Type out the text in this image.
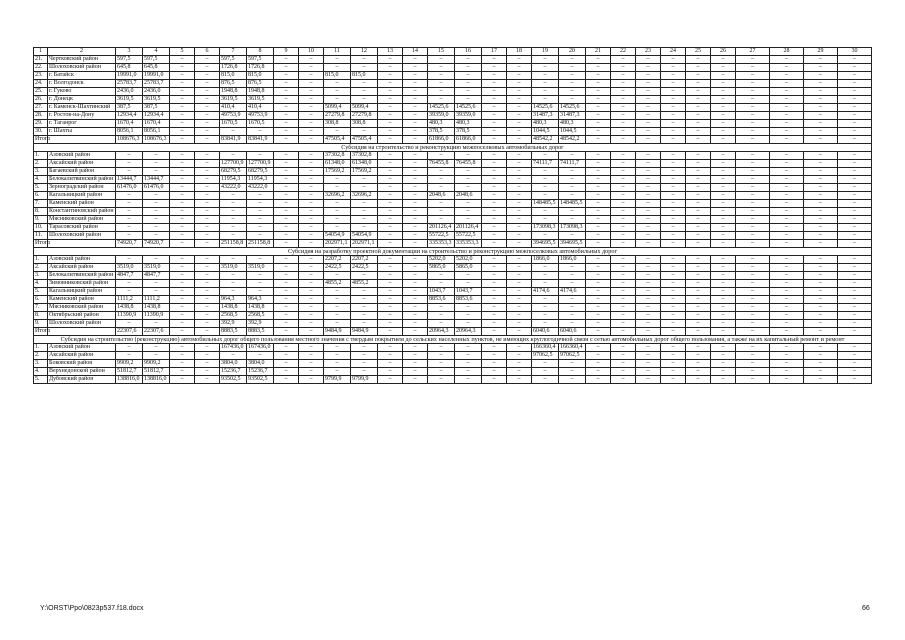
1	2	3	4	5	6	7	8	9	10	11	12	13	14	15	16	17	18	19	20	21	22	23	24	25	26	27	28	29	30
21.	Чертковский район	597,5	597,5	–	–	597,5	597,5	–	–	–	–	–	–	–	–	–	–	–	–	–	–	–	–	–	–	–	–	–	–
22.	Шолоховский район	645,8	645,8	–	–	1726,8	1726,8	–	–	–	–	–	–	–	–	–	–	–	–	–	–	–	–	–	–	–	–	–	–
23.	г. Батайск	19991,0	19991,0	–	–	815,0	815,0	–	–	815,0	815,0	–	–	–	–	–	–	–	–	–	–	–	–	–	–	–	–	–	–
24.	г. Волгодонск	25783,7	25783,7	–	–	876,5	876,5	–	–	–	–	–	–	–	–	–	–	–	–	–	–	–	–	–	–	–	–	–	–
25.	г. Гуково	2436,0	2436,0	–	–	1948,8	1948,8	–	–	–	–	–	–	–	–	–	–	–	–	–	–	–	–	–	–	–	–	–	–
26.	г. Донецк	3619,5	3619,5	–	–	3619,5	3619,5	–	–	–	–	–	–	–	–	–	–	–	–	–	–	–	–	–	–	–	–	–	–
27.	г. Каменск-Шахтинский	387,5	387,5	–	–	410,4	410,4	–	–	5099,4	5099,4	–	–	14525,6	14525,6	–	–	14525,6	14525,6	–	–	–	–	–	–	–	–	–	–
28.	г. Ростов-на-Дону	12934,4	12934,4	–	–	49753,9	49753,9	–	–	27279,8	27279,8	–	–	39359,0	39359,0	–	–	31487,3	31487,3	–	–	–	–	–	–	–	–	–	–
29.	г. Таганрог	1670,4	1670,4	–	–	1670,5	1670,5	–	–	308,8	308,8	–	–	480,3	480,3	–	–	480,3	480,3	–	–	–	–	–	–	–	–	–	–
30.	г. Шахты	8056,1	8056,1	–	–	–	–	–	–	–	–	–	–	378,5	378,5	–	–	1044,5	1044,5	–	–	–	–	–	–	–	–	–	–
Итого		108676,3	108676,3	–	–	83841,9	83841,9	–	–	47505,4	47505,4	–	–	61866,0	61866,0	–	–	48542,2	48542,2	–	–	–	–	–	–	–	–	–	–
Субсидия на строительство и реконструкцию межпоселковых автомобильных дорог																													
1.	Азовский район	–	–	–	–	–	–	–	–	37302,8	37302,8	–	–	–	–	–	–	–	–	–	–	–	–	–	–	–	–	–	–
2.	Аксайский район	–	–	–	–	127700,9	127700,9	–	–	61348,0	61348,0	–	–	76455,8	76455,8	–	–	74111,7	74111,7	–	–	–	–	–	–	–	–	–	–
3.	Багаевский район	–	–	–	–	68279,5	68279,5	–	–	17569,2	17569,2	–	–	–	–	–	–	–	–	–	–	–	–	–	–	–	–	–	–
4.	Белокалитвинский район	13444,7	13444,7	–	–	11954,3	11954,3	–	–	–	–	–	–	–	–	–	–	–	–	–	–	–	–	–	–	–	–	–	–
5.	Зерноградский район	61476,0	61476,0	–	–	43222,0	43222,0	–	–	–	–	–	–	–	–	–	–	–	–	–	–	–	–	–	–	–	–	–	–
6.	Кагальницкий район	–	–	–	–	–	–	–	–	32696,2	32696,2	–	–	2048,6	2048,6	–	–	–	–	–	–	–	–	–	–	–	–	–	–
7.	Каменский район	–	–	–	–	–	–	–	–	–	–	–	–	–	–	–	–	148485,5	148485,5	–	–	–	–	–	–	–	–	–	–
8.	Константиновский район	–	–	–	–	–	–	–	–	–	–	–	–	–	–	–	–	–	–	–	–	–	–	–	–	–	–	–	–
9.	Мясниковский район	–	–	–	–	–	–	–	–	–	–	–	–	–	–	–	–	–	–	–	–	–	–	–	–	–	–	–	–
10.	Тарасовский район	–	–	–	–	–	–	–	–	–	–	–	–	201126,4	201126,4	–	–	173098,3	173098,3	–	–	–	–	–	–	–	–	–	–
11.	Шолоховский район	–	–	–	–	–	–	–	–	54054,9	54054,9	–	–	55722,5	55722,5	–	–	–	–	–	–	–	–	–	–	–	–	–	–
Итого		74920,7	74920,7	–	–	251158,8	251158,8	–	–	202971,1	202971,1	–	–	335353,3	335353,3	–	–	394695,5	394695,5	–	–	–	–	–	–	–	–	–	–
Субсидия на разработку проектной документации на строительство и реконструкцию межпоселковых автомобильных дорог																													
1.	Азовский район	–	–	–	–	–	–	–	–	2207,2	2207,2	–	–	5202,0	5202,0	–	–	1866,0	1866,0	–	–	–	–	–	–	–	–	–	–
2.	Аксайский район	3519,0	3519,0	–	–	3519,0	3519,0	–	–	2422,5	2422,5	–	–	5865,0	5865,0	–	–	–	–	–	–	–	–	–	–	–	–	–	–
3.	Белокалитвинский район	4847,7	4847,7	–	–	–	–	–	–	–	–	–	–	–	–	–	–	–	–	–	–	–	–	–	–	–	–	–	–
4.	Зимовниковский район	–	–	–	–	–	–	–	–	4855,2	4855,2	–	–	–	–	–	–	–	–	–	–	–	–	–	–	–	–	–	–
5.	Кагальницкий район	–	–	–	–	–	–	–	–	–	–	–	–	1043,7	1043,7	–	–	4174,6	4174,6	–	–	–	–	–	–	–	–	–	–
6.	Каменский район	1111,2	1111,2	–	–	964,3	964,3	–	–	–	–	–	–	8853,6	8853,6	–	–	–	–	–	–	–	–	–	–	–	–	–	–
7.	Мясниковский район	1438,8	1438,8	–	–	1438,8	1438,8	–	–	–	–	–	–	–	–	–	–	–	–	–	–	–	–	–	–	–	–	–	–
8.	Октябрьский район	11390,9	11390,9	–	–	2568,5	2568,5	–	–	–	–	–	–	–	–	–	–	–	–	–	–	–	–	–	–	–	–	–	–
9.	Шолоховский район	–	–	–	–	392,9	392,9	–	–	–	–	–	–	–	–	–	–	–	–	–	–	–	–	–	–	–	–	–	–
Итого		22307,6	22307,6	–	–	8883,5	8883,5	–	–	9484,9	9484,9	–	–	20964,3	20964,3	–	–	6040,6	6040,6	–	–	–	–	–	–	–	–	–	–
Субсидия на строительство (реконструкцию) автомобильных дорог общего пользования местного значения с твердым покрытием до сельских населенных пунктов, не имеющих круглогодичной связи с сетью автомобильных дорог общего пользования, а также на их капитальный ремонт и ремонт																													
1.	Азовский район	–	–	–	–	167436,0	167436,0	–	–	–	–	–	–	–	–	–	–	166360,4	166360,4	–	–	–	–	–	–	–	–	–	–
2.	Аксайский район	–	–	–	–	–	–	–	–	–	–	–	–	–	–	–	–	97062,5	97062,5	–	–	–	–	–	–	–	–	–	–
3.	Боковский район	9909,2	9909,2	–	–	3804,0	3804,0	–	–	–	–	–	–	–	–	–	–	–	–	–	–	–	–	–	–	–	–	–	–
4.	Верхнедонской район	51812,7	51812,7	–	–	15236,7	15236,7	–	–	–	–	–	–	–	–	–	–	–	–	–	–	–	–	–	–	–	–	–	–
5.	Дубовский район	138816,0	138816,0	–	–	93502,5	93502,5	–	–	9799,9	9799,9	–	–	–	–	–	–	–	–	–	–	–	–	–	–	–	–	–	–
Y:\ORST\Ppo\0823p537.f18.docx	66
